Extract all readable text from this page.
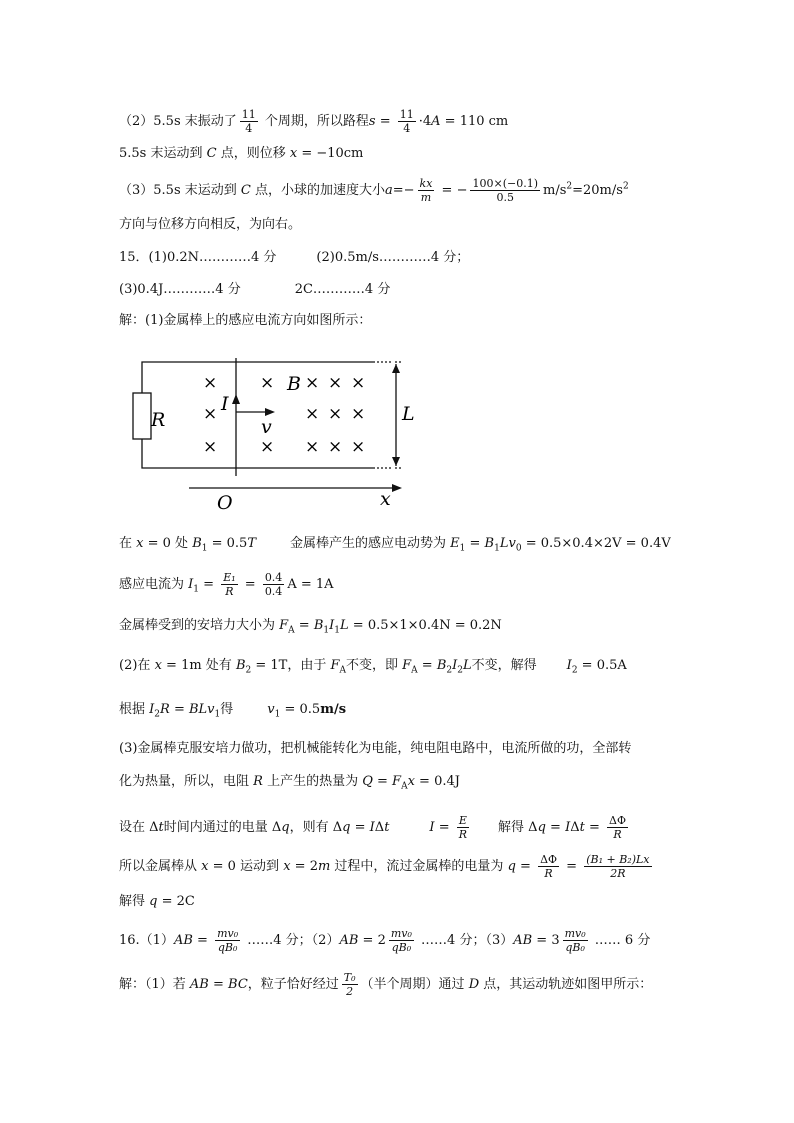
（2）5.5s 末振动了 $\frac{11}{4}$ 个周期，所以路程$s = \frac{11}{4} \cdot 4A = 110$ cm
5.5s 末运动到 C 点，则位移 x = −10cm
（3）5.5s 末运动到 C 点，小球的加速度大小$a=- \frac{kx}{m}$ = − $\frac{100\times(-0.1)}{0.5} m/s^2=20m/s^2$
方向与位移方向相反，为向右。
15．(1)0.2N…………4 分	(2)0.5m/s…………4 分；
(3)0.4J…………4 分	2C…………4 分
解：(1)金属棒上的感应电流方向如图所示：
R
I
v
B
L
O	x
×
×
×
×
×
× × ×
× × ×
× × ×
在 x = 0 处 $B_1 = 0.5T$	金属棒产生的感应电动势为 $E_1 = B_1Lv_0 = 0.5\times 0.4\times 2V = 0.4V$
感应电流为 $I_1 = \frac{\text{E₁}}{R} = \frac{0.4}{0.4}$ A = 1A
金属棒受到的安培力大小为 $F_A = B_1I_1L = 0.5\times 1\times 0.4N = 0.2N$
(2)在 x = 1m 处有 $B_2 = 1T$，由于 $F_A$不变，即 $F_A = B_2I_2L$不变，解得 $I_2 = 0.5A$
根据 $I_2R = BLv_1$得	$v_1 = 0.5m/s$
(3)金属棒克服安培力做功，把机械能转化为电能，纯电阻电路中，电流所做的功，全部转
化为热量，所以，电阻 R 上产生的热量为 $Q = F_Ax = 0.4J$
设在 Δt时间内通过的电量 Δq，则有 Δq = IΔt	$I = \frac{E}{R}$ 解得 $\Delta q = I\Delta t = \frac{\Delta\Phi}{R}$
所以金属棒从 x = 0 运动到 x = 2m 过程中，流过金属棒的电量为 $q = \frac{\Delta\Phi}{R} = \frac{\text{(B₁ + B₂)Lx}}{2R}$
解得 q = 2C
$16.(1)AB = \frac{\text{mv₀}}{\text{qB₀}}$ ……4 分；$(2)AB = 2 \frac{\text{mv₀}}{\text{qB₀}}$ ……4 分；$(3)AB = 3 \frac{\text{mv₀}}{\text{qB₀}}$ …… 6 分
解：（1）若 AB = BC，粒子恰好经过 $\frac{\text{T₀}}{2}$ （半个周期）通过 D 点，其运动轨迹如图甲所示：
